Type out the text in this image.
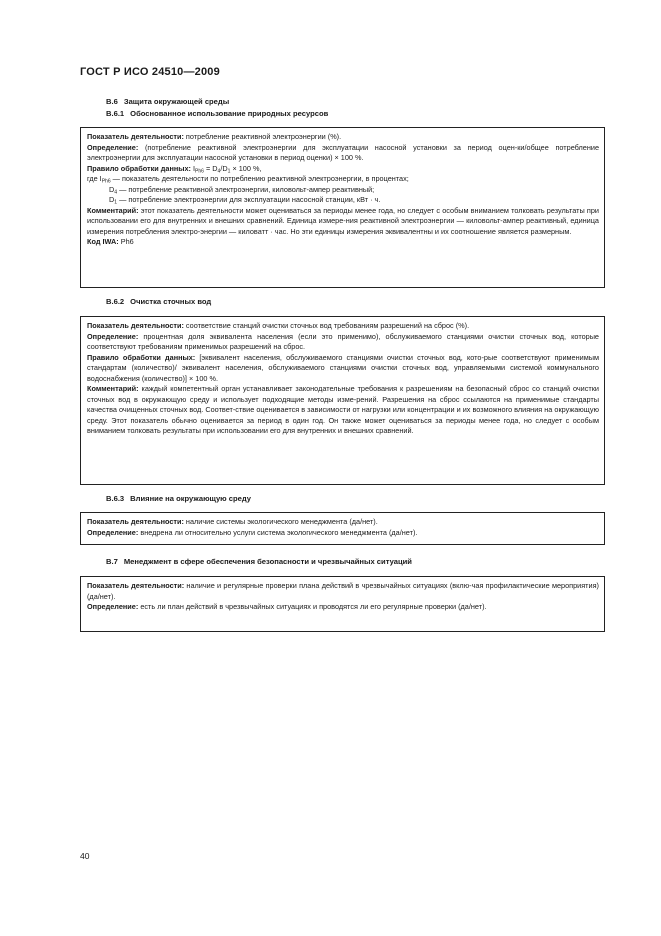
ГОСТ Р ИСО 24510—2009
В.6 Защита окружающей среды
В.6.1 Обоснованное использование природных ресурсов

Показатель деятельности: потребление реактивной электроэнергии (%).

Определение: (потребление реактивной электроэнергии для эксплуатации насосной установки за период оцен-ки/общее потребление электроэнергии для эксплуатации насосной установки в период оценки) × 100 %.

Правило обработки данных: $I_{Ph6} = D_4/D_1 \times 100$ %,

где $I_{Ph6}$ — показатель деятельности по потреблению реактивной электроэнергии, в процентах;

$D_4$ — потребление реактивной электроэнергии, киловольт-ампер реактивный;

$D_1$ — потребление электроэнергии для эксплуатации насосной станции, кВт · ч.

Комментарий: этот показатель деятельности может оцениваться за периоды менее года, но следует с особым вниманием толковать результаты при использовании его для внутренних и внешних сравнений. Единица измере-ния реактивной электроэнергии — киловольт-ампер реактивный, единица измерения потребления электро-энергии — киловатт · час. Но эти единицы измерения эквивалентны и их соотношение является размерным.

Код IWA: Ph6

В.6.2 Очистка сточных вод

Показатель деятельности: соответствие станций очистки сточных вод требованиям разрешений на сброс (%).

Определение: процентная доля эквивалента населения (если это применимо), обслуживаемого станциями очистки сточных вод, которые соответствуют требованиям применимых разрешений на сброс.

Правило обработки данных: [эквивалент населения, обслуживаемого станциями очистки сточных вод, кото-рые соответствуют применимым стандартам (количество)/ эквивалент населения, обслуживаемого станциями очистки сточных вод, управляемыми системой коммунального водоснабжения (количество)] × 100 %.

Комментарий: каждый компетентный орган устанавливает законодательные требования к разрешениям на безопасный сброс со станций очистки сточных вод в окружающую среду и использует подходящие методы изме-рений. Разрешения на сброс ссылаются на применимые стандарты качества очищенных сточных вод. Соответ-ствие оценивается в зависимости от нагрузки или концентрации и их возможного влияния на окружающую среду. Этот показатель обычно оценивается за период в один год. Он также может оцениваться за периоды менее года, но следует с особым вниманием толковать результаты при использовании его для внутренних и внешних сравнений.

В.6.3 Влияние на окружающую среду

Показатель деятельности: наличие системы экологического менеджмента (да/нет).

Определение: внедрена ли относительно услуги система экологического менеджмента (да/нет).

В.7 Менеджмент в сфере обеспечения безопасности и чрезвычайных ситуаций

Показатель деятельности: наличие и регулярные проверки плана действий в чрезвычайных ситуациях (вклю-чая профилактические мероприятия) (да/нет).

Определение: есть ли план действий в чрезвычайных ситуациях и проводятся ли его регулярные проверки (да/нет).

40
